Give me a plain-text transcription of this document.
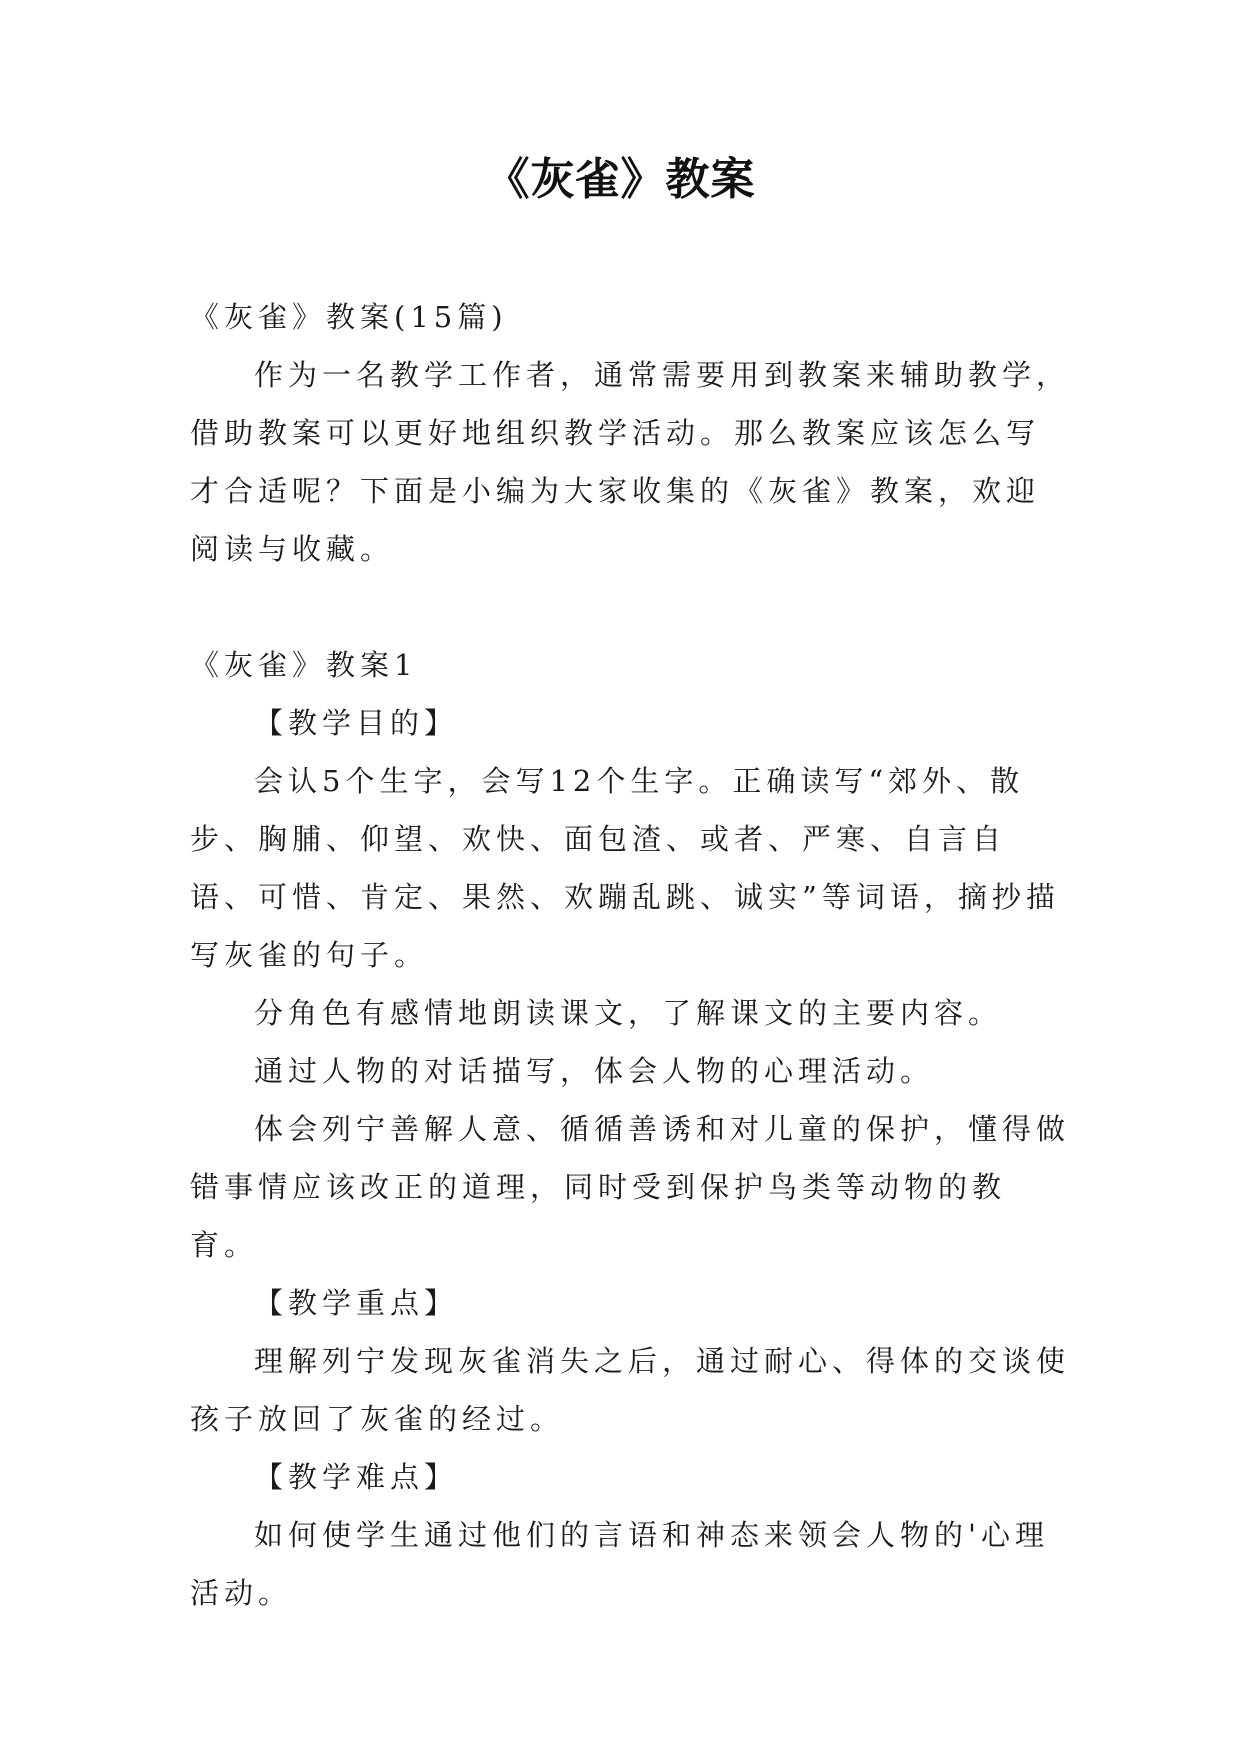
《灰雀》教案

《灰雀》教案(15篇)

作为一名教学工作者，通常需要用到教案来辅助教学，借助教案可以更好地组织教学活动。那么教案应该怎么写才合适呢？下面是小编为大家收集的《灰雀》教案，欢迎阅读与收藏。

《灰雀》教案1

【教学目的】

会认5个生字，会写12个生字。正确读写“郊外、散步、胸脯、仰望、欢快、面包渣、或者、严寒、自言自语、可惜、肯定、果然、欢蹦乱跳、诚实”等词语，摘抄描写灰雀的句子。

分角色有感情地朗读课文，了解课文的主要内容。

通过人物的对话描写，体会人物的心理活动。

体会列宁善解人意、循循善诱和对儿童的保护，懂得做错事情应该改正的道理，同时受到保护鸟类等动物的教育。

【教学重点】

理解列宁发现灰雀消失之后，通过耐心、得体的交谈使孩子放回了灰雀的经过。

【教学难点】

如何使学生通过他们的言语和神态来领会人物的'心理活动。
